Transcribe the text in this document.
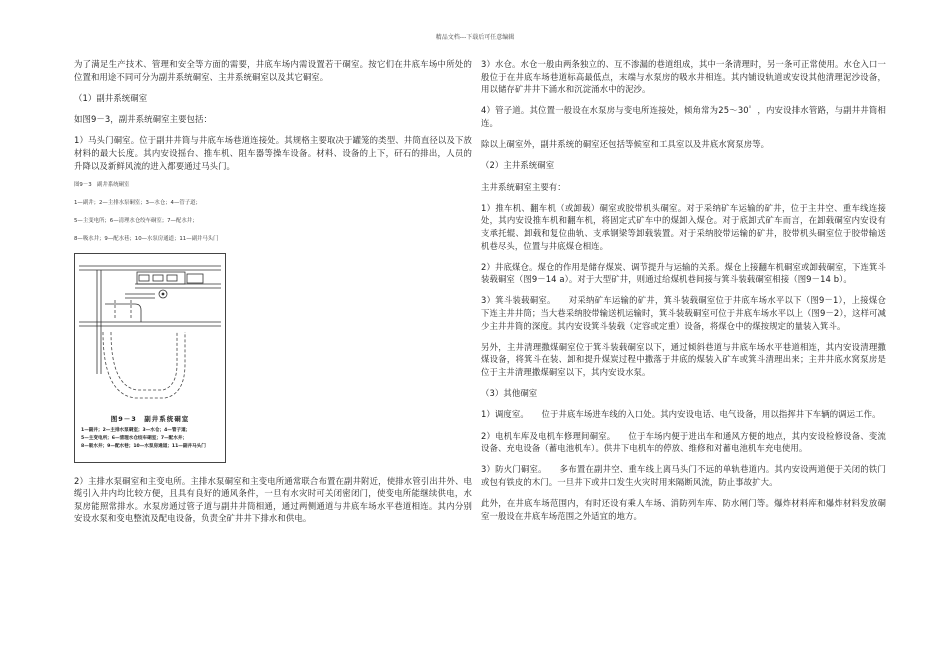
精品文档---下载后可任意编辑

为了满足生产技术、管理和安全等方面的需要，井底车场内需设置若干硐室。按它们在井底车场中所处的位置和用途不同可分为副井系统硐室、主井系统硐室以及其它硐室。

（1）副井系统硐室

如图9－3，副井系统硐室主要包括：

1）马头门硐室。位于副井井筒与井底车场巷道连接处。其规格主要取决于罐笼的类型、井筒直径以及下放材料的最大长度。其内安设摇台、推车机、阻车器等操车设备。材料、设备的上下，矸石的排出，人员的升降以及新鲜风流的进入都要通过马头门。

图9－3　副井系统硐室

1—副井；2—主排水泵硐室；3—水仓；4—管子道；

5—主变电所；6—清理水仓绞车硐室；7—配水井；

8—吸水井；9—配水巷；10—水泵房通道；11—副井马头门

图9－3　副井系统硐室
1—副井；2—主排水泵硐室；3—水仓；4—管子道；
5—主变电所；6—清理水仓绞车硐室；7—配水井；
8—吸水井；9—配水巷；10—水泵房通道；11—副井马头门

2）主排水泵硐室和主变电所。主排水泵硐室和主变电所通常联合布置在副井附近，使排水管引出井外、电缆引入井内均比较方便，且具有良好的通风条件，一旦有水灾时可关闭密闭门，使变电所能继续供电，水泵房能照常排水。水泵房通过管子道与副井井筒相通，通过两侧通道与井底车场水平巷道相连。其内分别安设水泵和变电整流及配电设备，负责全矿井井下排水和供电。

3）水仓。水仓一般由两条独立的、互不渗漏的巷道组成，其中一条清理时，另一条可正常使用。水仓入口一般位于在井底车场巷道标高最低点，末端与水泵房的吸水井相连。其内铺设轨道或安设其他清理泥沙设备，用以储存矿井井下涌水和沉淀涌水中的泥沙。

4）管子道。其位置一般设在水泵房与变电所连接处，倾角常为25～30゜，内安设排水管路，与副井井筒相连。

除以上硐室外，副井系统的硐室还包括等候室和工具室以及井底水窝泵房等。

（2）主井系统硐室

主井系统硐室主要有：

1）推车机、翻车机（或卸载）硐室或胶带机头硐室。对于采纳矿车运输的矿井，位于主井空、重车线连接处，其内安设推车机和翻车机，将固定式矿车中的煤卸入煤仓。对于底卸式矿车而言，在卸载硐室内安设有支承托辊、卸载和复位曲轨、支承钢梁等卸载装置。对于采纳胶带运输的矿井，胶带机头硐室位于胶带输送机巷尽头，位置与井底煤仓相连。

2）井底煤仓。煤仓的作用是储存煤炭、调节提升与运输的关系。煤仓上接翻车机硐室或卸载硐室，下连箕斗装载硐室（图9－14 a）。对于大型矿井，则通过给煤机巷间接与箕斗装载硐室相接（图9－14 b）。

3）箕斗装载硐室。　　对采纳矿车运输的矿井，箕斗装载硐室位于井底车场水平以下（图9－1），上接煤仓下连主井井筒；当大巷采纳胶带输送机运输时，箕斗装载硐室可位于井底车场水平以上（图9－2），这样可减少主井井筒的深度。其内安设箕斗装载（定容或定重）设备，将煤仓中的煤按规定的量装入箕斗。

另外，主井清理撒煤硐室位于箕斗装载硐室以下，通过倾斜巷道与井底车场水平巷道相连，其内安设清理撒煤设备，将箕斗在装、卸和提升煤炭过程中撒落于井底的煤装入矿车或箕斗清理出来；主井井底水窝泵房是位于主井清理撒煤硐室以下，其内安设水泵。

（3）其他硐室

1）调度室。　　位于井底车场进车线的入口处。其内安设电话、电气设备，用以指挥井下车辆的调运工作。

2）电机车库及电机车修理间硐室。　　位于车场内便于进出车和通风方便的地点，其内安设检修设备、变流设备、充电设备（蓄电池机车）。供井下电机车的停放、维修和对蓄电池机车充电使用。

3）防火门硐室。　　多布置在副井空、重车线上离马头门不远的单轨巷道内。其内安设两道便于关闭的铁门或包有铁皮的木门。一旦井下或井口发生火灾时用来隔断风流，防止事故扩大。

此外，在井底车场范围内，有时还设有乘人车场、消防列车库、防水闸门等。爆炸材料库和爆炸材料发放硐室一般设在井底车场范围之外适宜的地方。
